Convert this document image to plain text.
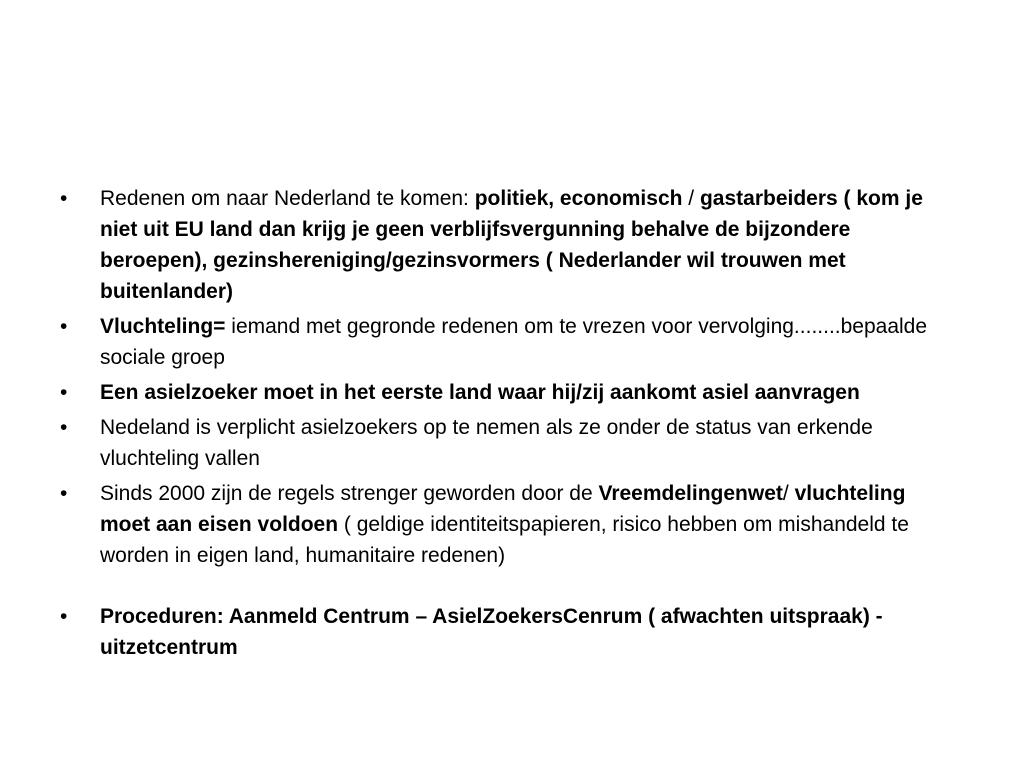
•	Redenen om naar Nederland te komen: politiek, economisch / gastarbeiders ( kom je niet uit EU land dan krijg je geen verblijfsvergunning behalve de bijzondere beroepen), gezinshereniging/gezinsvormers ( Nederlander wil trouwen met buitenlander)
•	Vluchteling= iemand met gegronde redenen om te vrezen voor vervolging........bepaalde sociale groep
•	Een asielzoeker moet in het eerste land waar hij/zij aankomt asiel aanvragen
•	Nedeland is verplicht asielzoekers op te nemen als ze onder de status van erkende vluchteling vallen
•	Sinds 2000 zijn de regels strenger geworden door de Vreemdelingenwet/ vluchteling moet aan eisen voldoen ( geldige identiteitspapieren, risico hebben om mishandeld te worden in eigen land, humanitaire redenen)
•	Proceduren: Aanmeld Centrum – AsielZoekersCenrum ( afwachten uitspraak) - uitzetcentrum
